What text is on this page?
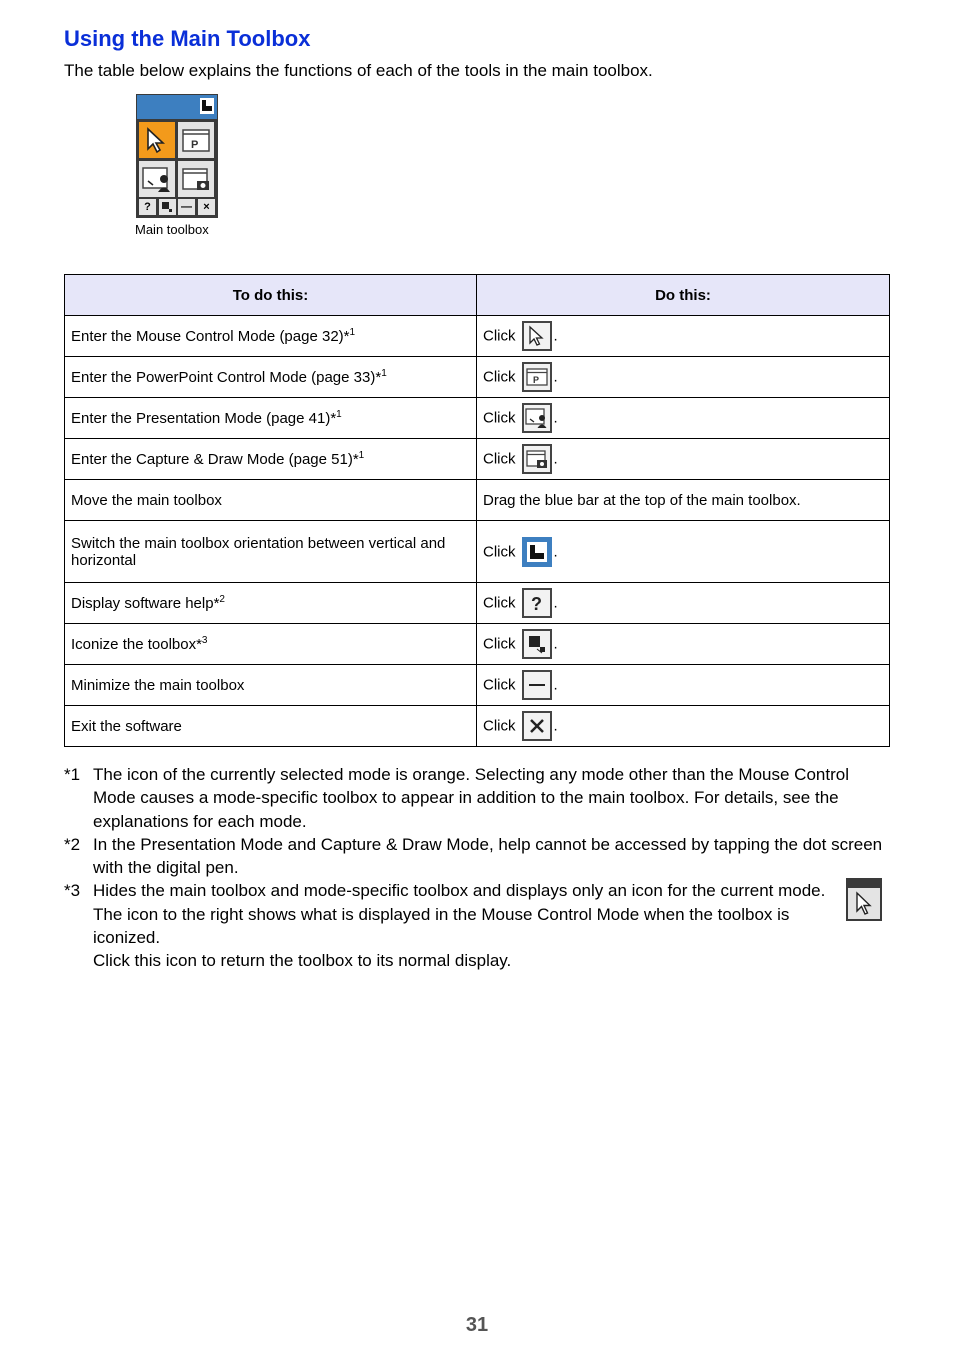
Using the Main Toolbox

The table below explains the functions of each of the tools in the main toolbox.

P
?	—	×
Main toolbox
To do this:	Do this:
Enter the Mouse Control Mode (page 32)*$^1$	Click .
Enter the PowerPoint Control Mode (page 33)*$^1$	Click P .
Enter the Presentation Mode (page 41)*$^1$	Click .
Enter the Capture & Draw Mode (page 51)*$^1$	Click .
Move the main toolbox	Drag the blue bar at the top of the main toolbox.
Switch the main toolbox orientation between vertical and horizontal	Click .
Display software help*$^2$	Click ? .
Iconize the toolbox*$^3$	Click .
Minimize the main toolbox	Click .
Exit the software	Click .
*1 The icon of the currently selected mode is orange. Selecting any mode other than the Mouse Control Mode causes a mode-specific toolbox to appear in addition to the main toolbox. For details, see the explanations for each mode.

*2 In the Presentation Mode and Capture & Draw Mode, help cannot be accessed by tapping the dot screen with the digital pen.

*3 Hides the main toolbox and mode-specific toolbox and displays only an icon for the current mode. The icon to the right shows what is displayed in the Mouse Control Mode when the toolbox is iconized.

Click this icon to return the toolbox to its normal display.

31
